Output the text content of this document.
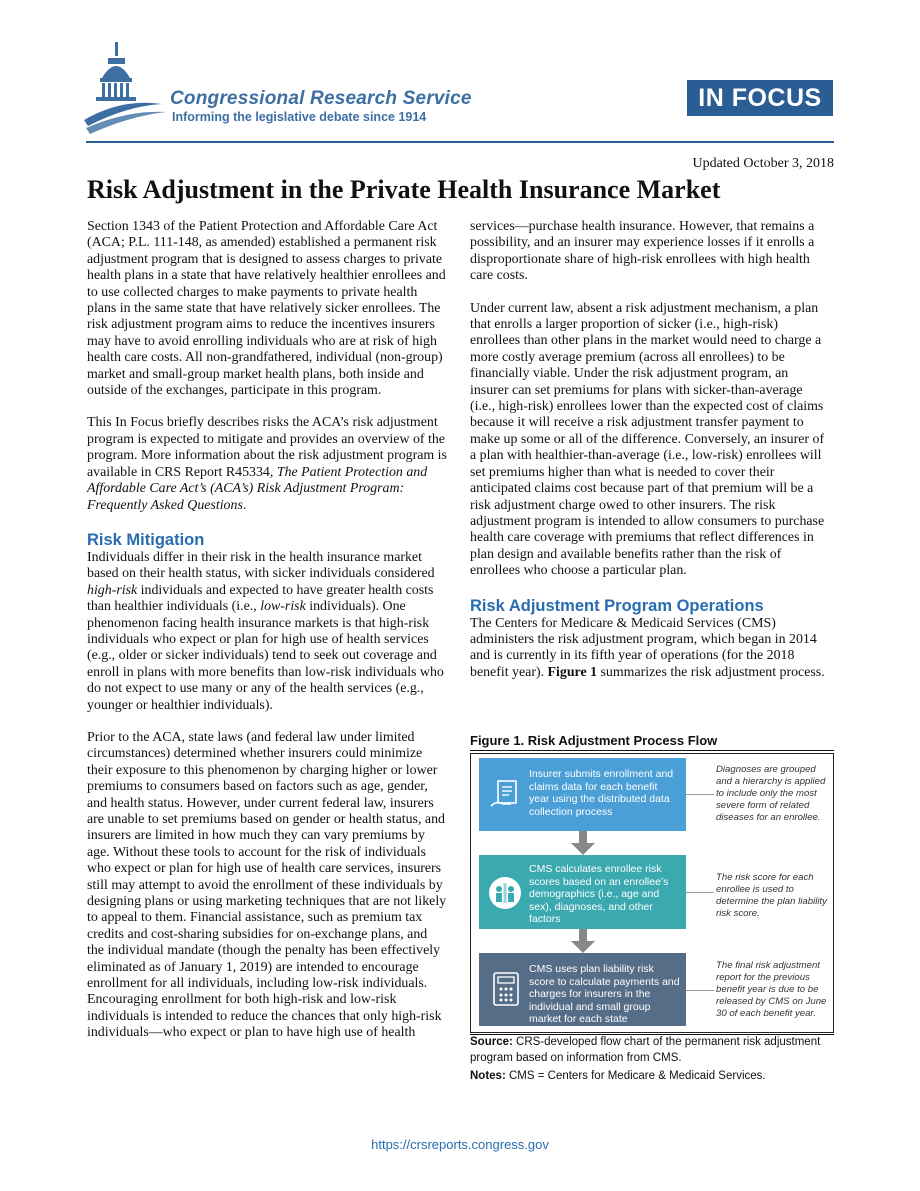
Congressional Research Service
Informing the legislative debate since 1914
IN FOCUS
Updated October 3, 2018
Risk Adjustment in the Private Health Insurance Market

Section 1343 of the Patient Protection and Affordable Care Act (ACA; P.L. 111-148, as amended) established a permanent risk adjustment program that is designed to assess charges to private health plans in a state that have relatively healthier enrollees and to use collected charges to make payments to private health plans in the same state that have relatively sicker enrollees. The risk adjustment program aims to reduce the incentives insurers may have to avoid enrolling individuals who are at risk of high health care costs. All non-grandfathered, individual (non-group) market and small-group market health plans, both inside and outside of the exchanges, participate in this program.

This In Focus briefly describes risks the ACA’s risk adjustment program is expected to mitigate and provides an overview of the program. More information about the risk adjustment program is available in CRS Report R45334, The Patient Protection and Affordable Care Act’s (ACA’s) Risk Adjustment Program: Frequently Asked Questions.

Risk Mitigation

Individuals differ in their risk in the health insurance market based on their health status, with sicker individuals considered high-risk individuals and expected to have greater health costs than healthier individuals (i.e., low-risk individuals). One phenomenon facing health insurance markets is that high-risk individuals who expect or plan for high use of health services (e.g., older or sicker individuals) tend to seek out coverage and enroll in plans with more benefits than low-risk individuals who do not expect to use many or any of the health services (e.g., younger or healthier individuals).

Prior to the ACA, state laws (and federal law under limited circumstances) determined whether insurers could minimize their exposure to this phenomenon by charging higher or lower premiums to consumers based on factors such as age, gender, and health status. However, under current federal law, insurers are unable to set premiums based on gender or health status, and insurers are limited in how much they can vary premiums by age. Without these tools to account for the risk of individuals who expect or plan for high use of health care services, insurers still may attempt to avoid the enrollment of these individuals by designing plans or using marketing techniques that are not likely to appeal to them. Financial assistance, such as premium tax credits and cost-sharing subsidies for on-exchange plans, and the individual mandate (though the penalty has been effectively eliminated as of January 1, 2019) are intended to encourage enrollment for all individuals, including low-risk individuals. Encouraging enrollment for both high-risk and low-risk individuals is intended to reduce the chances that only high-risk individuals—who expect or plan to have high use of health

services—purchase health insurance. However, that remains a possibility, and an insurer may experience losses if it enrolls a disproportionate share of high-risk enrollees with high health care costs.

Under current law, absent a risk adjustment mechanism, a plan that enrolls a larger proportion of sicker (i.e., high-risk) enrollees than other plans in the market would need to charge a more costly average premium (across all enrollees) to be financially viable. Under the risk adjustment program, an insurer can set premiums for plans with sicker-than-average (i.e., high-risk) enrollees lower than the expected cost of claims because it will receive a risk adjustment transfer payment to make up some or all of the difference. Conversely, an insurer of a plan with healthier-than-average (i.e., low-risk) enrollees will set premiums higher than what is needed to cover their anticipated claims cost because part of that premium will be a risk adjustment charge owed to other insurers. The risk adjustment program is intended to allow consumers to purchase health care coverage with premiums that reflect differences in plan design and available benefits rather than the risk of enrollees who choose a particular plan.

Risk Adjustment Program Operations

The Centers for Medicare & Medicaid Services (CMS) administers the risk adjustment program, which began in 2014 and is currently in its fifth year of operations (for the 2018 benefit year). Figure 1 summarizes the risk adjustment process.

Figure 1. Risk Adjustment Process Flow
Insurer submits enrollment and claims data for each benefit year using the distributed data collection process
Diagnoses are grouped and a hierarchy is applied to include only the most severe form of related diseases for an enrollee.
CMS calculates enrollee risk scores based on an enrollee’s demographics (i.e., age and sex), diagnoses, and other factors
The risk score for each enrollee is used to determine the plan liability risk score.
CMS uses plan liability risk score to calculate payments and charges for insurers in the individual and small group market for each state
The final risk adjustment report for the previous benefit year is due to be released by CMS on June 30 of each benefit year.
Source: CRS-developed flow chart of the permanent risk adjustment program based on information from CMS.
Notes: CMS = Centers for Medicare & Medicaid Services.
https://crsreports.congress.gov
